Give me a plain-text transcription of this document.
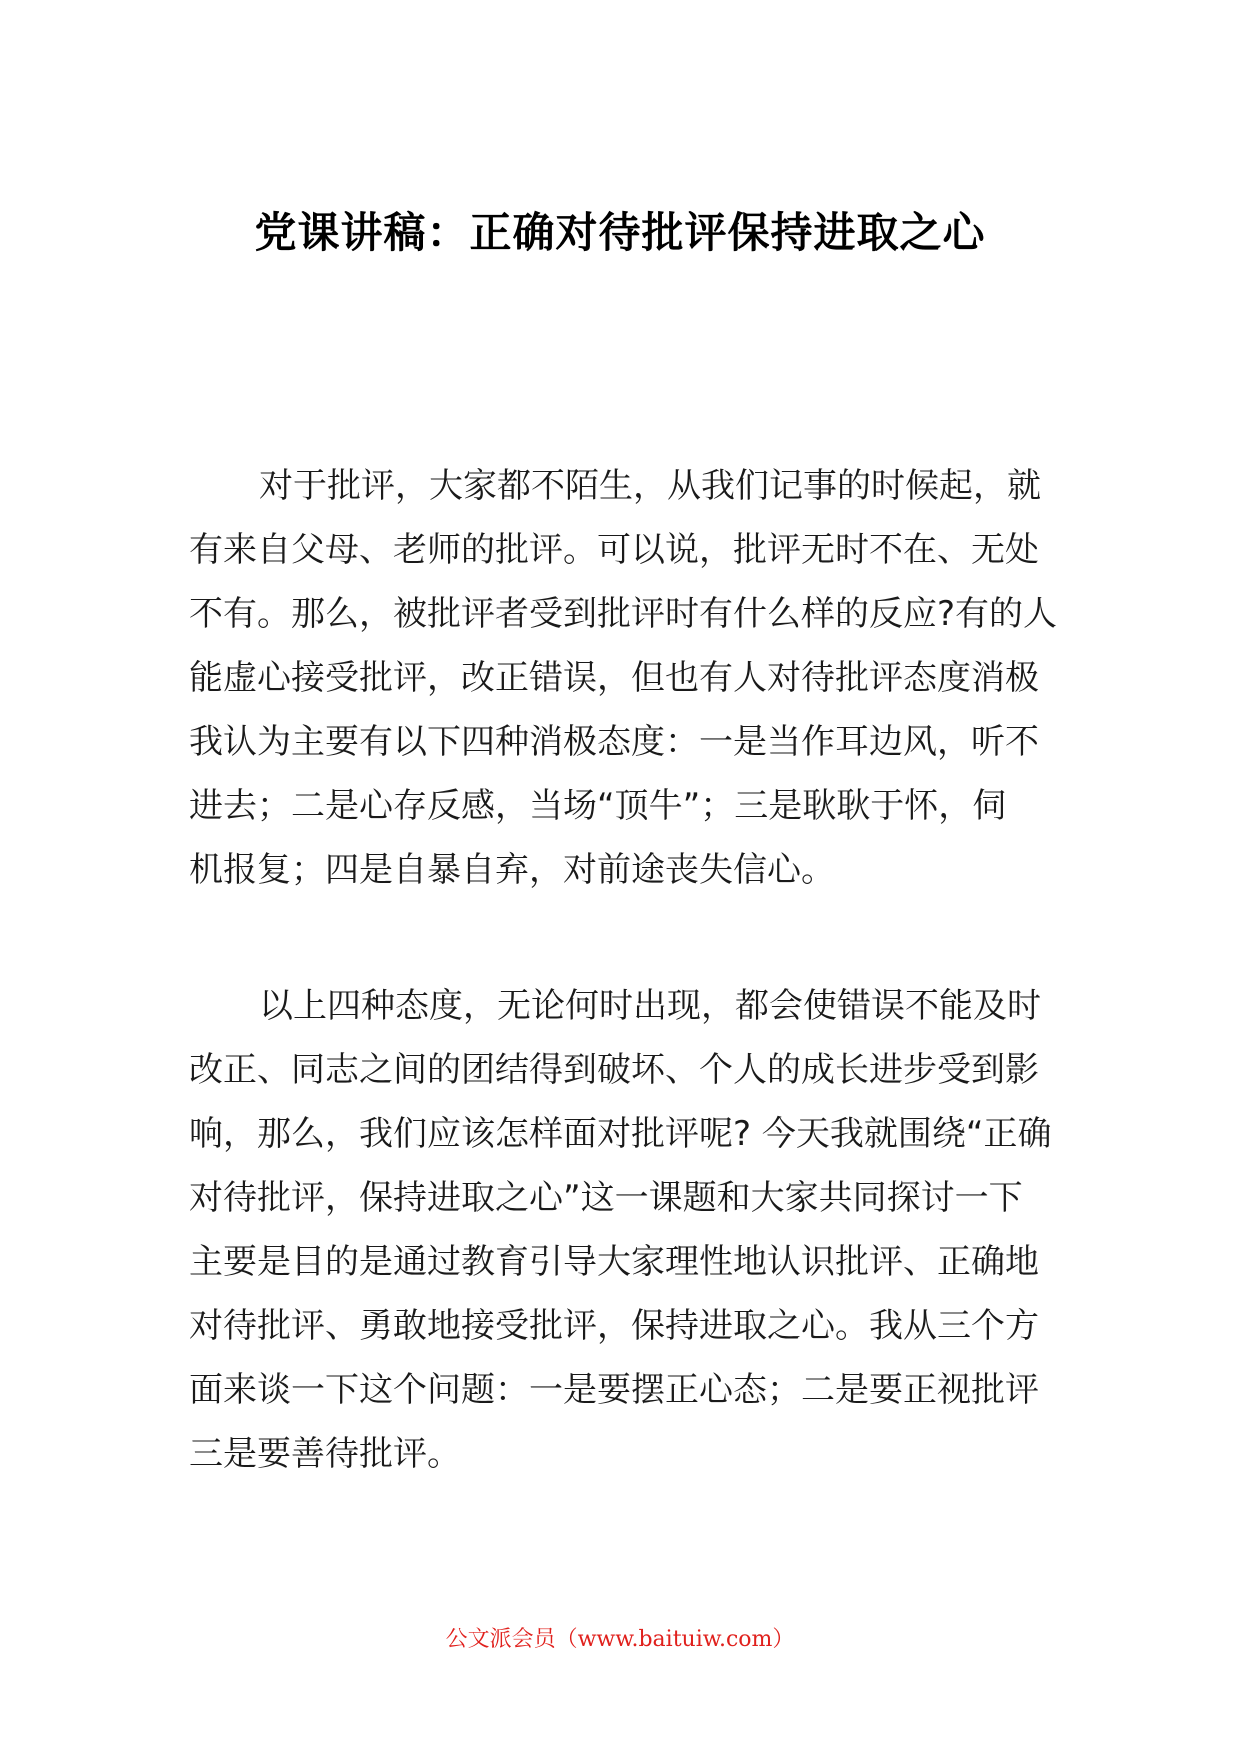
党课讲稿：正确对待批评保持进取之心
对于批评，大家都不陌生，从我们记事的时候起，就
有来自父母、老师的批评。可以说，批评无时不在、无处
不有。那么，被批评者受到批评时有什么样的反应?有的人
能虚心接受批评，改正错误，但也有人对待批评态度消极
我认为主要有以下四种消极态度：一是当作耳边风，听不
进去；二是心存反感，当场“顶牛”；三是耿耿于怀，伺
机报复；四是自暴自弃，对前途丧失信心。
以上四种态度，无论何时出现，都会使错误不能及时
改正、同志之间的团结得到破坏、个人的成长进步受到影
响，那么，我们应该怎样面对批评呢? 今天我就围绕“正确
对待批评，保持进取之心”这一课题和大家共同探讨一下
主要是目的是通过教育引导大家理性地认识批评、正确地
对待批评、勇敢地接受批评，保持进取之心。我从三个方
面来谈一下这个问题：一是要摆正心态；二是要正视批评
三是要善待批评。
公文派会员（www.baituiw.com）
